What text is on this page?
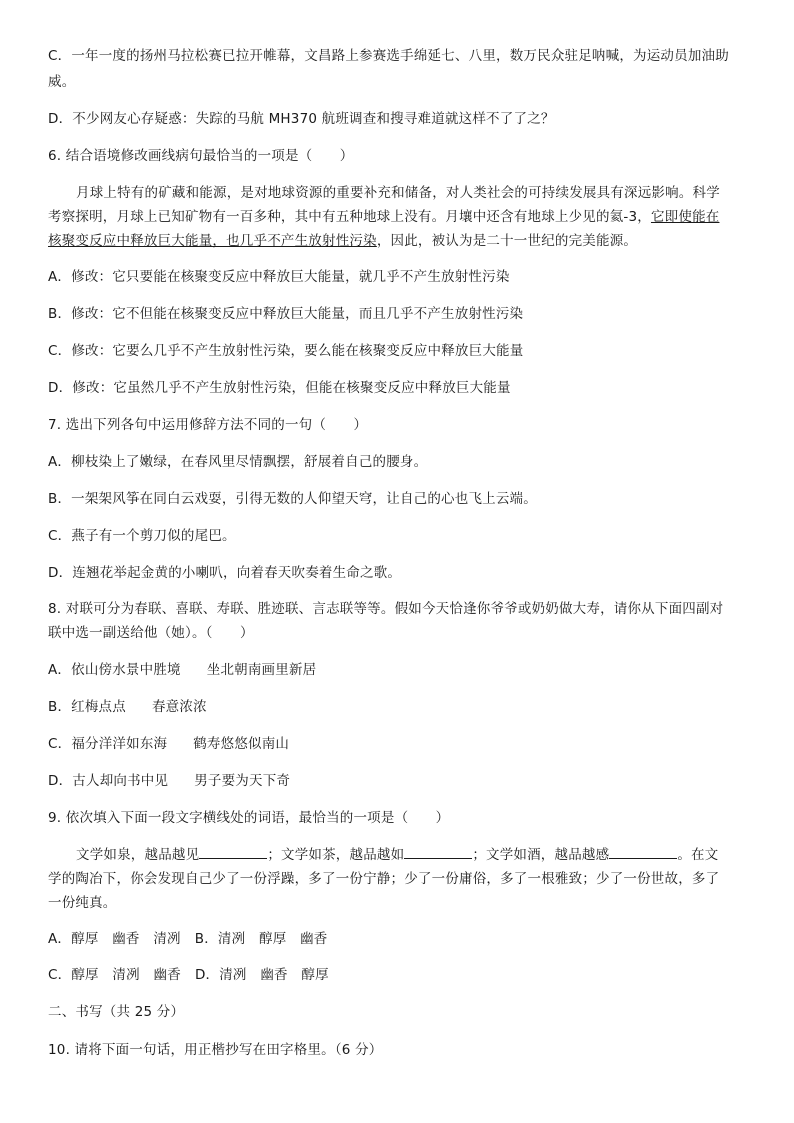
C．一年一度的扬州马拉松赛已拉开帷幕，文昌路上参赛选手绵延七、八里，数万民众驻足呐喊，为运动员加油助
威。
D．不少网友心存疑惑：失踪的马航 MH370 航班调查和搜寻难道就这样不了了之？
6. 结合语境修改画线病句最恰当的一项是（　　）
月球上特有的矿藏和能源，是对地球资源的重要补充和储备，对人类社会的可持续发展具有深远影响。科学
考察探明，月球上已知矿物有一百多种，其中有五种地球上没有。月壤中还含有地球上少见的氦-3，它即使能在
核聚变反应中释放巨大能量，也几乎不产生放射性污染，因此，被认为是二十一世纪的完美能源。
A．修改：它只要能在核聚变反应中释放巨大能量，就几乎不产生放射性污染
B．修改：它不但能在核聚变反应中释放巨大能量，而且几乎不产生放射性污染
C．修改：它要么几乎不产生放射性污染，要么能在核聚变反应中释放巨大能量
D．修改：它虽然几乎不产生放射性污染，但能在核聚变反应中释放巨大能量
7. 选出下列各句中运用修辞方法不同的一句（　　）
A．柳枝染上了嫩绿，在春风里尽情飘摆，舒展着自己的腰身。
B．一架架风筝在同白云戏耍，引得无数的人仰望天穹，让自己的心也飞上云端。
C．燕子有一个剪刀似的尾巴。
D．连翘花举起金黄的小喇叭，向着春天吹奏着生命之歌。
8. 对联可分为春联、喜联、寿联、胜迹联、言志联等等。假如今天恰逢你爷爷或奶奶做大寿，请你从下面四副对
联中选一副送给他（她）。（　　）
A．依山傍水景中胜境 坐北朝南画里新居
B．红梅点点 春意浓浓
C．福分洋洋如东海 鹤寿悠悠似南山
D．古人却向书中见 男子要为天下奇
9. 依次填入下面一段文字横线处的词语，最恰当的一项是（　　）
文学如泉，越品越见	；文学如茶，越品越如	；文学如酒，越品越感	。在文
学的陶冶下，你会发现自己少了一份浮躁，多了一份宁静；少了一份庸俗，多了一根雅致；少了一份世故，多了
一份纯真。
A．醇厚　幽香　清冽 B．清冽　醇厚　幽香
C．醇厚　清冽　幽香 D．清冽　幽香　醇厚
二、书写（共 25 分）
10. 请将下面一句话，用正楷抄写在田字格里。（6 分）
